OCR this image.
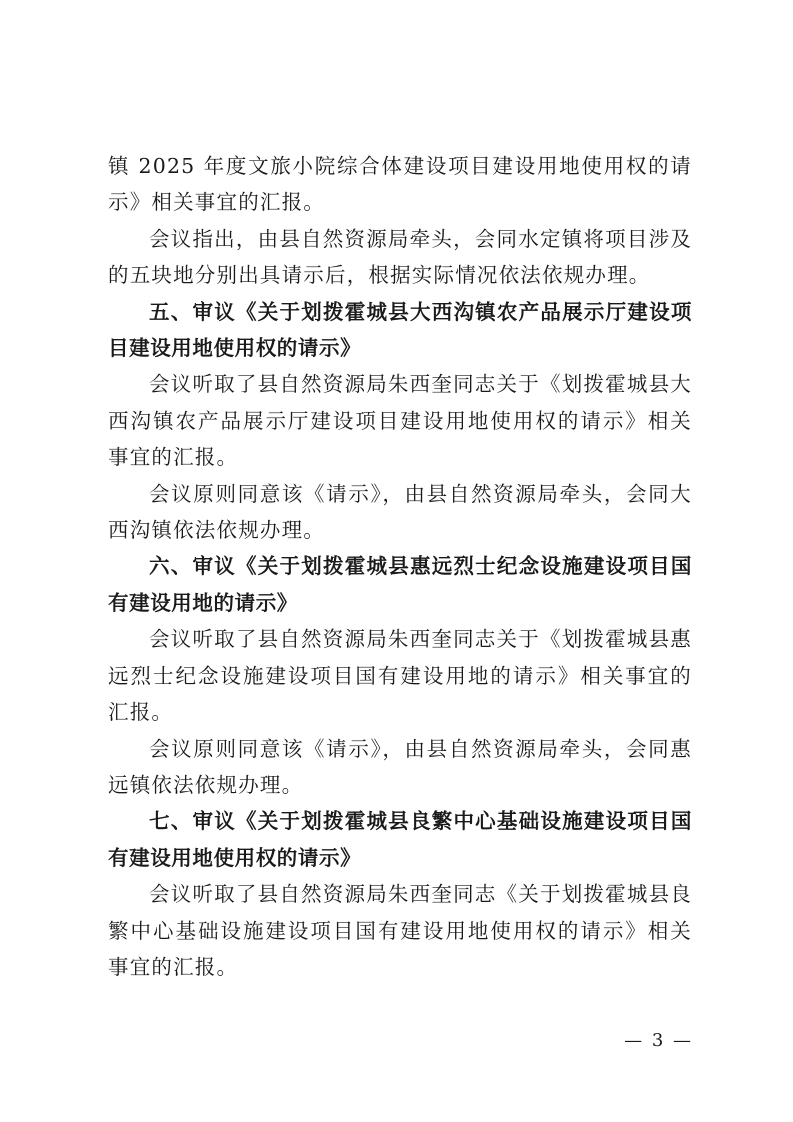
镇 2025 年度文旅小院综合体建设项目建设用地使用权的请示》相关事宜的汇报。

会议指出，由县自然资源局牵头，会同水定镇将项目涉及的五块地分别出具请示后，根据实际情况依法依规办理。

五、审议《关于划拨霍城县大西沟镇农产品展示厅建设项目建设用地使用权的请示》

会议听取了县自然资源局朱西奎同志关于《划拨霍城县大西沟镇农产品展示厅建设项目建设用地使用权的请示》相关事宜的汇报。

会议原则同意该《请示》，由县自然资源局牵头，会同大西沟镇依法依规办理。

六、审议《关于划拨霍城县惠远烈士纪念设施建设项目国有建设用地的请示》

会议听取了县自然资源局朱西奎同志关于《划拨霍城县惠远烈士纪念设施建设项目国有建设用地的请示》相关事宜的汇报。

会议原则同意该《请示》，由县自然资源局牵头，会同惠远镇依法依规办理。

七、审议《关于划拨霍城县良繁中心基础设施建设项目国有建设用地使用权的请示》

会议听取了县自然资源局朱西奎同志《关于划拨霍城县良繁中心基础设施建设项目国有建设用地使用权的请示》相关事宜的汇报。

— 3 —
